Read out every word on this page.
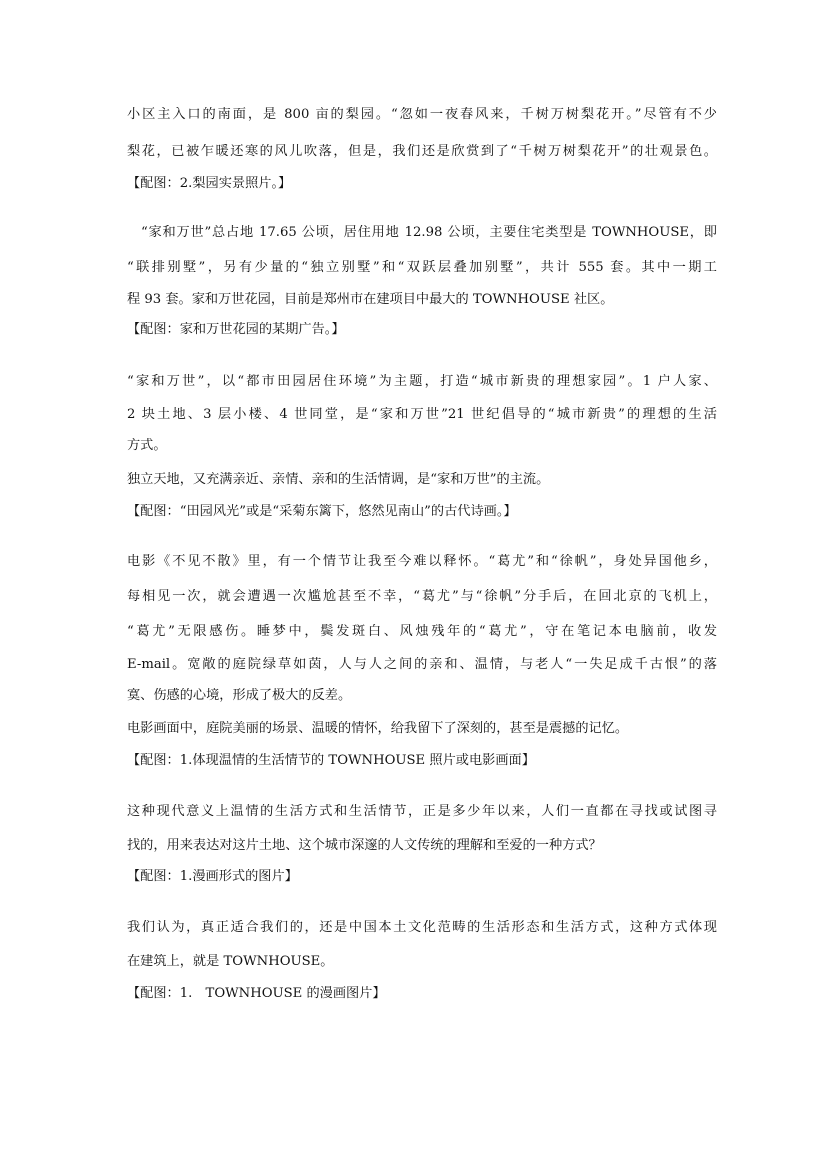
小区主入口的南面，是 800 亩的梨园。“忽如一夜春风来，千树万树梨花开。”尽管有不少
梨花，已被乍暖还寒的风儿吹落，但是，我们还是欣赏到了“千树万树梨花开”的壮观景色。
【配图：2.梨园实景照片。】
　“家和万世”总占地 17.65 公顷，居住用地 12.98 公顷，主要住宅类型是 TOWNHOUSE，即
“联排别墅”，另有少量的“独立别墅”和“双跃层叠加别墅”，共计 555 套。其中一期工
程 93 套。家和万世花园，目前是郑州市在建项目中最大的 TOWNHOUSE 社区。
【配图：家和万世花园的某期广告。】
“家和万世”，以“都市田园居住环境”为主题，打造“城市新贵的理想家园”。1 户人家、
2 块土地、3 层小楼、4 世同堂，是“家和万世”21 世纪倡导的“城市新贵”的理想的生活
方式。
独立天地，又充满亲近、亲情、亲和的生活情调，是“家和万世”的主流。
【配图：“田园风光”或是“采菊东篱下，悠然见南山”的古代诗画。】
电影《不见不散》里，有一个情节让我至今难以释怀。“葛尤”和“徐帆”，身处异国他乡，
每相见一次，就会遭遇一次尴尬甚至不幸，“葛尤”与“徐帆”分手后，在回北京的飞机上，
“葛尤”无限感伤。睡梦中，鬓发斑白、风烛残年的“葛尤”，守在笔记本电脑前，收发
E-mail。宽敞的庭院绿草如茵，人与人之间的亲和、温情，与老人“一失足成千古恨”的落
寞、伤感的心境，形成了极大的反差。
电影画面中，庭院美丽的场景、温暖的情怀，给我留下了深刻的，甚至是震撼的记忆。
【配图：1.体现温情的生活情节的 TOWNHOUSE 照片或电影画面】
这种现代意义上温情的生活方式和生活情节，正是多少年以来，人们一直都在寻找或试图寻
找的，用来表达对这片土地、这个城市深邃的人文传统的理解和至爱的一种方式？
【配图：1.漫画形式的图片】
我们认为，真正适合我们的，还是中国本土文化范畴的生活形态和生活方式，这种方式体现
在建筑上，就是 TOWNHOUSE。
【配图：1.　TOWNHOUSE 的漫画图片】
